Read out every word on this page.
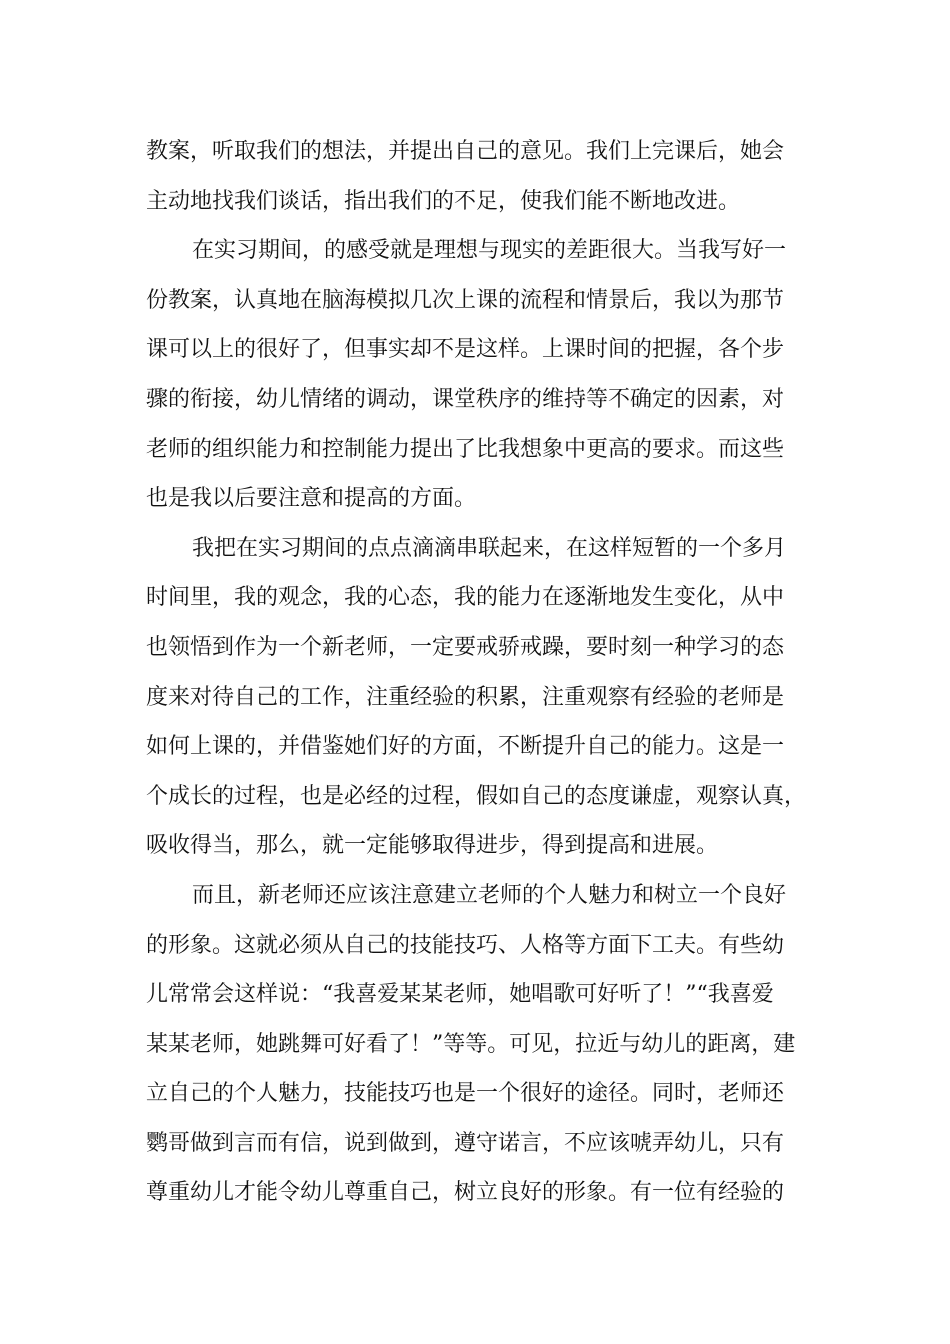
教案，听取我们的想法，并提出自己的意见。我们上完课后，她会
主动地找我们谈话，指出我们的不足，使我们能不断地改进。
在实习期间，的感受就是理想与现实的差距很大。当我写好一
份教案，认真地在脑海模拟几次上课的流程和情景后，我以为那节
课可以上的很好了，但事实却不是这样。上课时间的把握，各个步
骤的衔接，幼儿情绪的调动，课堂秩序的维持等不确定的因素，对
老师的组织能力和控制能力提出了比我想象中更高的要求。而这些
也是我以后要注意和提高的方面。
我把在实习期间的点点滴滴串联起来，在这样短暂的一个多月
时间里，我的观念，我的心态，我的能力在逐渐地发生变化，从中
也领悟到作为一个新老师，一定要戒骄戒躁，要时刻一种学习的态
度来对待自己的工作，注重经验的积累，注重观察有经验的老师是
如何上课的，并借鉴她们好的方面，不断提升自己的能力。这是一
个成长的过程，也是必经的过程，假如自己的态度谦虚，观察认真，
吸收得当，那么，就一定能够取得进步，得到提高和进展。
而且，新老师还应该注意建立老师的个人魅力和树立一个良好
的形象。这就必须从自己的技能技巧、人格等方面下工夫。有些幼
儿常常会这样说：“我喜爱某某老师，她唱歌可好听了！”“我喜爱
某某老师，她跳舞可好看了！”等等。可见，拉近与幼儿的距离，建
立自己的个人魅力，技能技巧也是一个很好的途径。同时，老师还
鹦哥做到言而有信，说到做到，遵守诺言，不应该唬弄幼儿，只有
尊重幼儿才能令幼儿尊重自己，树立良好的形象。有一位有经验的
